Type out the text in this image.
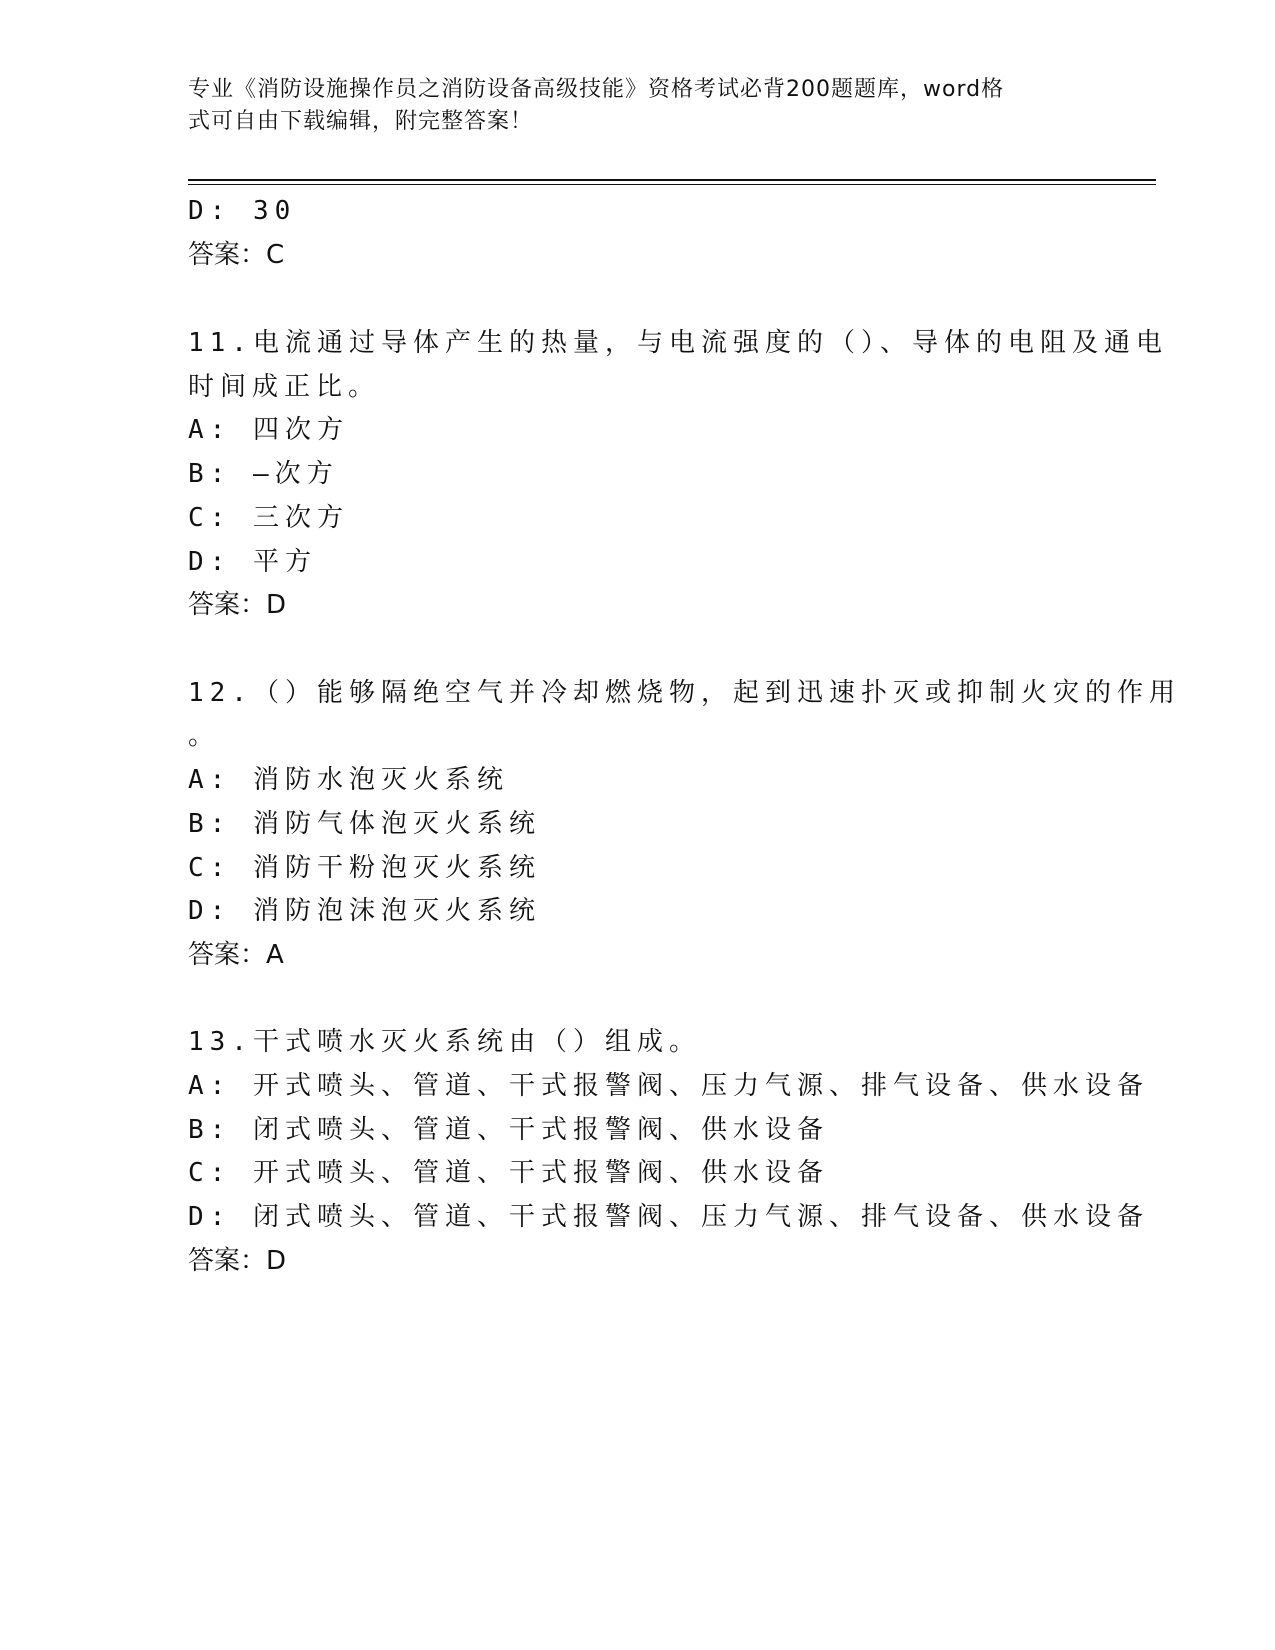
专业《消防设施操作员之消防设备高级技能》资格考试必背200题题库，word格
式可自由下载编辑，附完整答案！
D: 30
答案：C
11.电流通过导体产生的热量，与电流强度的（）、导体的电阻及通电
时间成正比。
A: 四次方
B: —次方
C: 三次方
D: 平方
答案：D
12.（）能够隔绝空气并冷却燃烧物，起到迅速扑灭或抑制火灾的作用
。
A: 消防水泡灭火系统
B: 消防气体泡灭火系统
C: 消防干粉泡灭火系统
D: 消防泡沫泡灭火系统
答案：A
13.干式喷水灭火系统由（）组成。
A: 开式喷头、管道、干式报警阀、压力气源、排气设备、供水设备
B: 闭式喷头、管道、干式报警阀、供水设备
C: 开式喷头、管道、干式报警阀、供水设备
D: 闭式喷头、管道、干式报警阀、压力气源、排气设备、供水设备
答案：D
